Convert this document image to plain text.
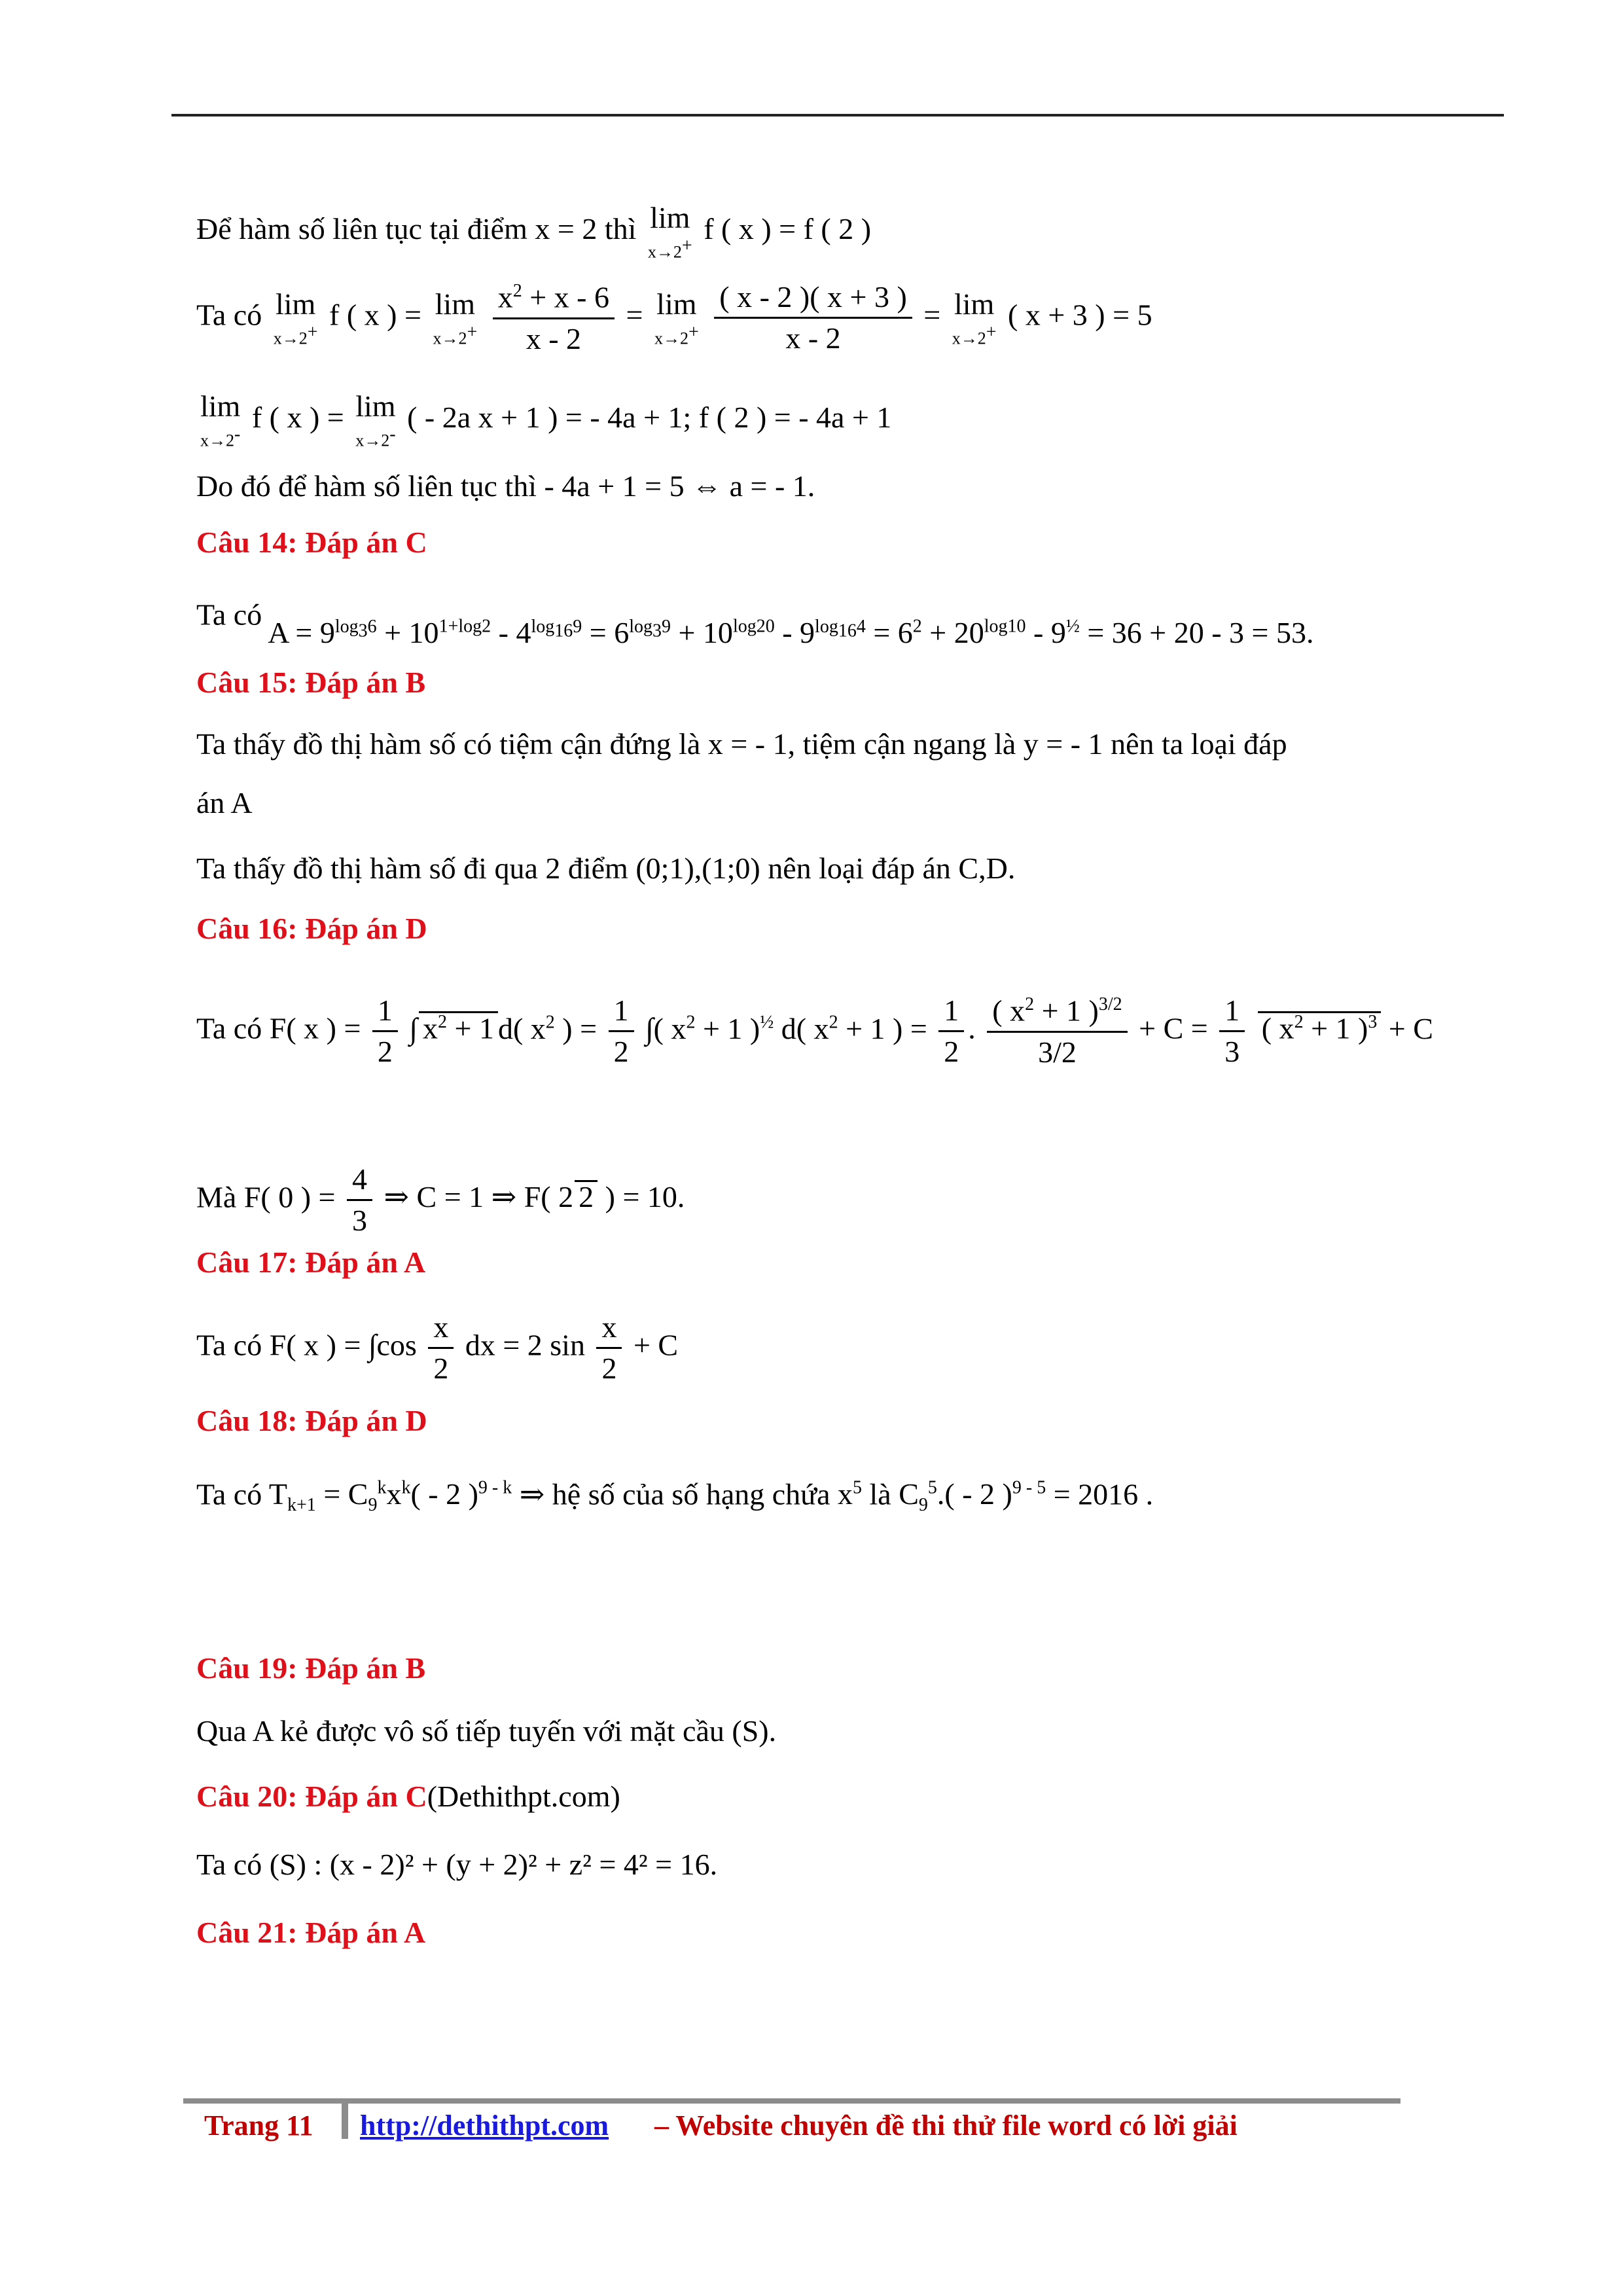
Để hàm số liên tục tại điểm x = 2 thì lim
x→2+
f ( x ) = f ( 2 )
Ta có lim
x→2+
f ( x ) = lim
x→2+
$\frac{x^2 + x - 6}{x - 2} = \lim$
x→2+
$\frac{( x - 2 )( x + 3 )}{x - 2} = \lim$
x→2+
( x + 3 ) = 5
lim
x→2-
f ( x ) = lim
x→2-
( - 2a x + 1 ) = - 4a + 1; f ( 2 ) = - 4a + 1
Do đó để hàm số liên tục thì - 4a + 1 = 5 ⇔ a = - 1.
Câu 14: Đáp án C
Ta có $A = 9^{log_36} + 10^{1+log2} - 4^{log_{16}9} = 6^{log_39} + 10^{log20} - 9^{log_{16}4} = 6^2 + 20^{log10} - 9^{\frac{1}{2}} = 36 + 20 - 3 = 53$.
Câu 15: Đáp án B
Ta thấy đồ thị hàm số có tiệm cận đứng là x = - 1, tiệm cận ngang là y = - 1 nên ta loại đáp
án A
Ta thấy đồ thị hàm số đi qua 2 điểm (0;1),(1;0) nên loại đáp án C,D.
Câu 16: Đáp án D
Ta có F( x ) = $\frac{1}{2}$ ∫ $x^2 + 1$ d( $x^2$ ) = $\frac{1}{2}$ ∫( $x^2 + 1$ )$^{\frac{1}{2}}$ d( $x^2 + 1$ ) = $\frac{1}{2}$ . $\frac{( x^2 + 1 )^{3/2}}{3/2} + C = \frac{1}{3}$ ( $x^2 + 1$ )$^3$ + C
Mà F( 0 ) = $\frac{4}{3}$ ⇒ C = 1 ⇒ F( 2 2 ) = 10.
Câu 17: Đáp án A
Ta có F( x ) = $\int\cos \frac{x}{2}$ dx = 2 $\sin \frac{x}{2} + C$
Câu 18: Đáp án D
Ta có $T_{k+1} = C_9^kx^k( - 2$ )$^{9 - k}$ ⇒ hệ số của số hạng chứa $x^5$ là $C_9^5.( - 2$ )$^{9 - 5}$ = 2016 .
Câu 19: Đáp án B
Qua A kẻ được vô số tiếp tuyến với mặt cầu (S).
Câu 20: Đáp án C(Dethithpt.com)
Ta có (S) : (x - 2)² + (y + 2)² + z² = 4² = 16.
Câu 21: Đáp án A
Trang 11 http://dethithpt.com – Website chuyên đề thi thử file word có lời giải
